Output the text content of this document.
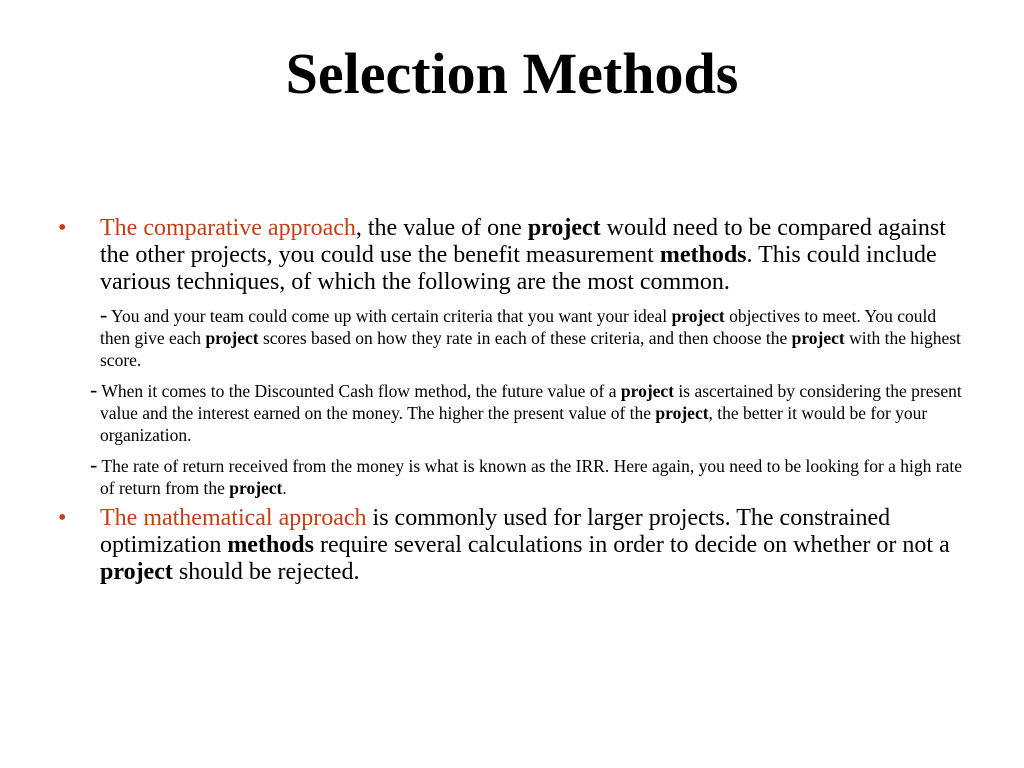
Selection Methods
•	The comparative approach, the value of one project would need to be compared against the other projects, you could use the benefit measurement methods. This could include various techniques, of which the following are the most common.
- You and your team could come up with certain criteria that you want your ideal project objectives to meet. You could then give each project scores based on how they rate in each of these criteria, and then choose the project with the highest score.
- When it comes to the Discounted Cash flow method, the future value of a project is ascertained by considering the present value and the interest earned on the money. The higher the present value of the project, the better it would be for your organization.
- The rate of return received from the money is what is known as the IRR. Here again, you need to be looking for a high rate of return from the project.
•	The mathematical approach is commonly used for larger projects. The constrained optimization methods require several calculations in order to decide on whether or not a project should be rejected.
